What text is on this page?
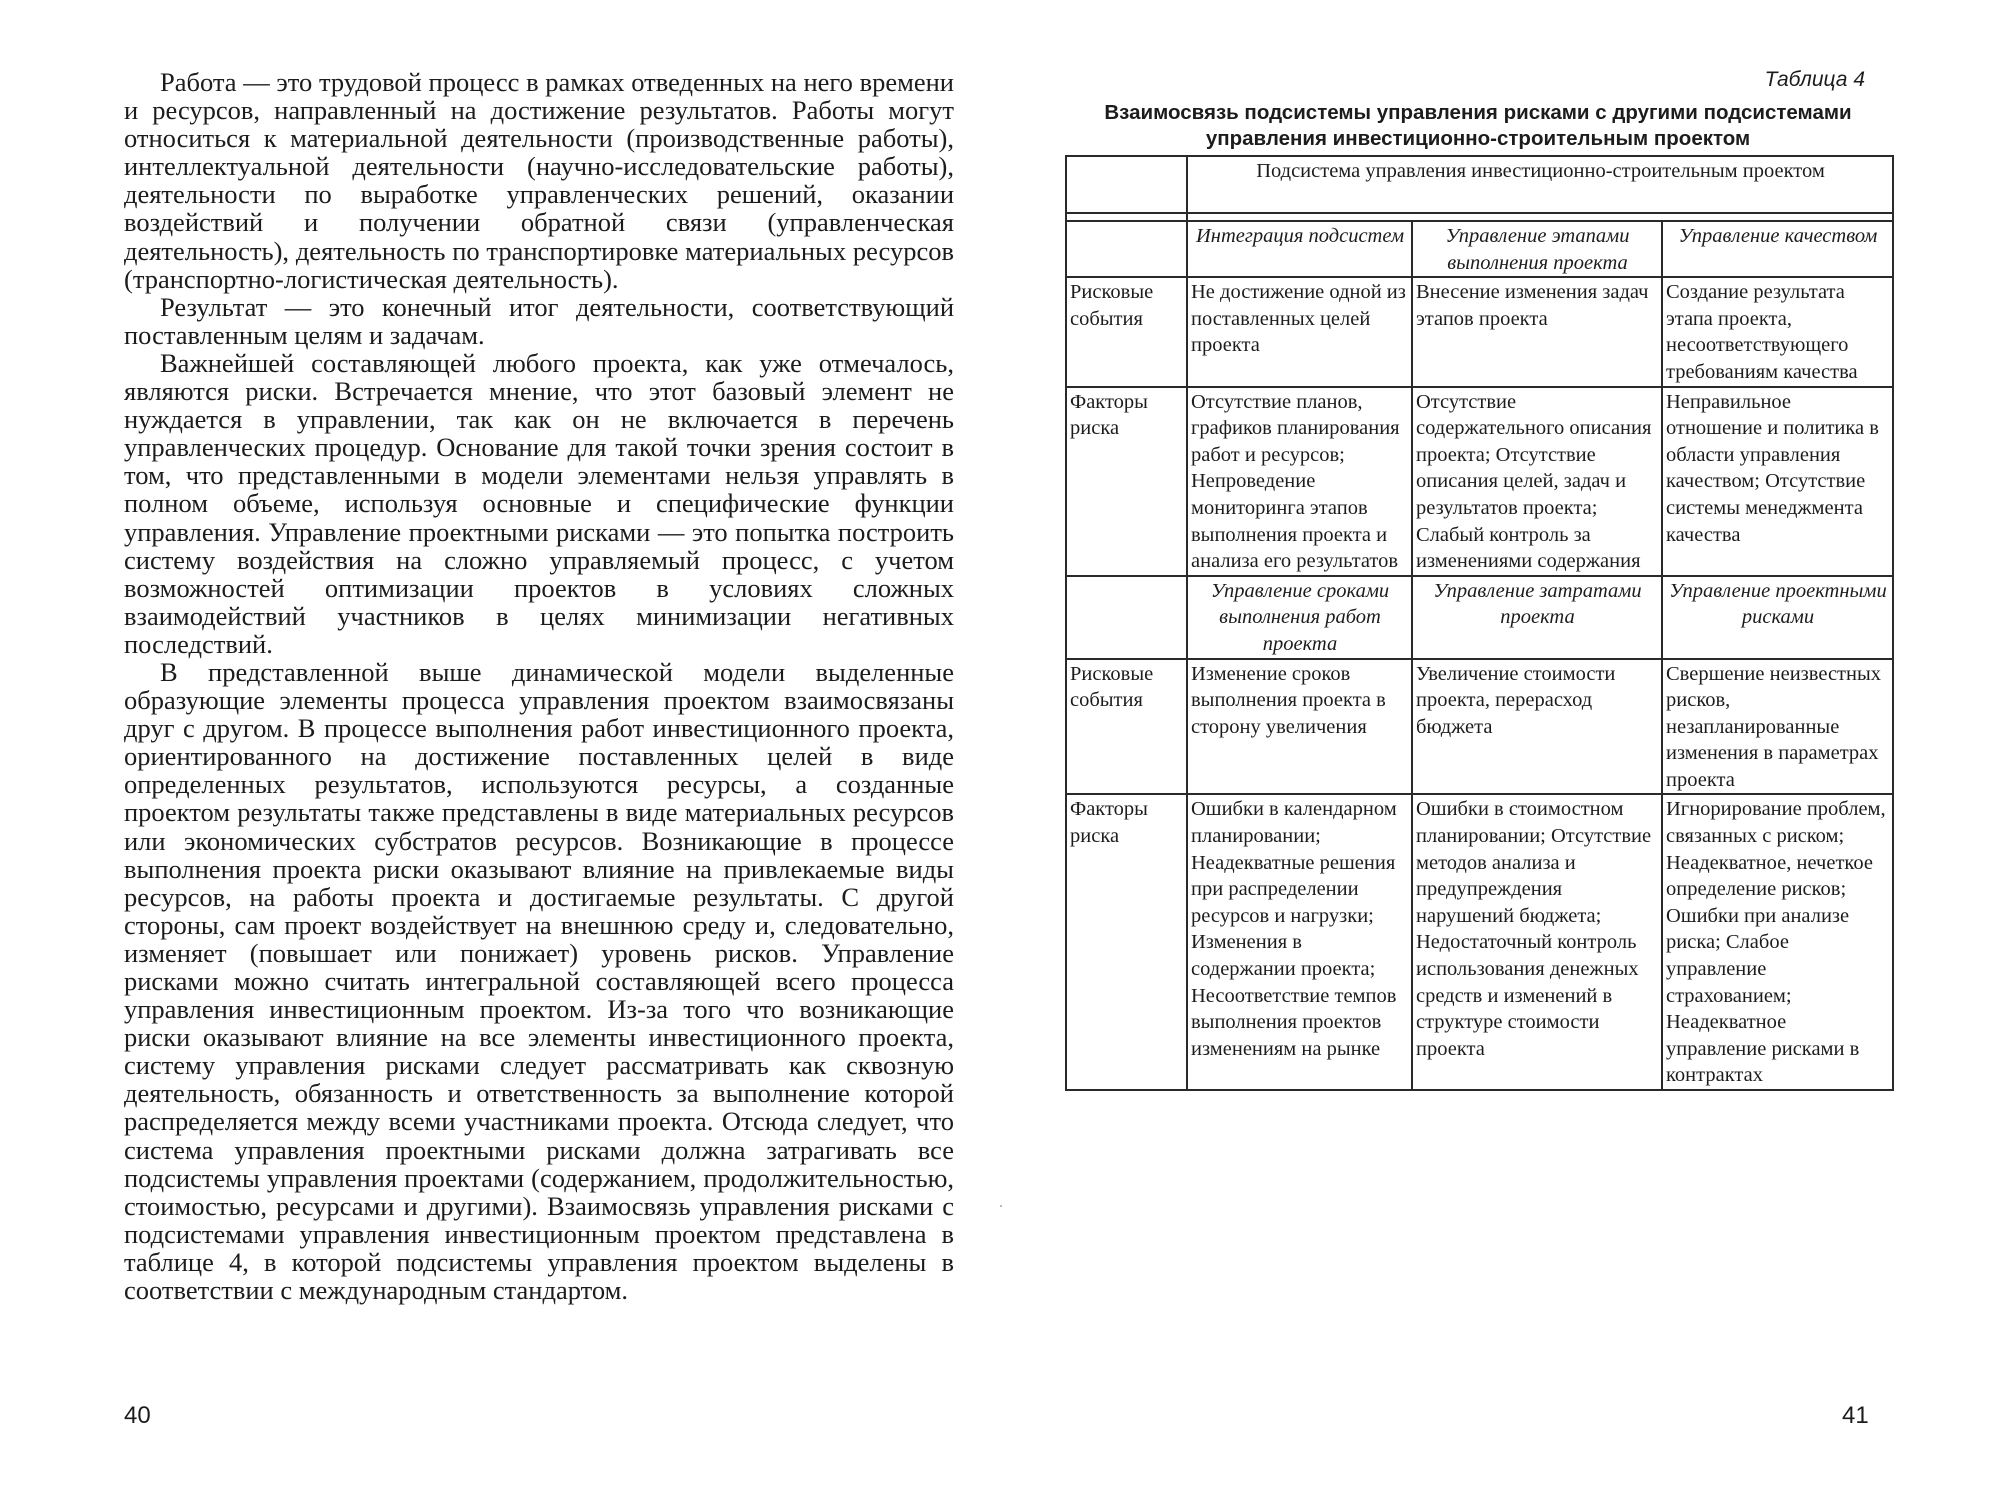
Работа — это трудовой процесс в рамках отведенных на него времени и ресурсов, направленный на достижение результатов. Работы могут относиться к материальной деятельности (производственные работы), интеллектуальной деятельности (научно-исследовательские работы), деятельности по выработке управленческих решений, оказании воздействий и получении обратной связи (управленческая деятельность), деятельность по транспортировке материальных ресурсов (транспортно-логистическая деятельность).

Результат — это конечный итог деятельности, соответствующий поставленным целям и задачам.

Важнейшей составляющей любого проекта, как уже отмечалось, являются риски. Встречается мнение, что этот базовый элемент не нуждается в управлении, так как он не включается в перечень управленческих процедур. Основание для такой точки зрения состоит в том, что представленными в модели элементами нельзя управлять в полном объеме, используя основные и специфические функции управления. Управление проектными рисками — это попытка построить систему воздействия на сложно управляемый процесс, с учетом возможностей оптимизации проектов в условиях сложных взаимодействий участников в целях минимизации негативных последствий.

В представленной выше динамической модели выделенные образующие элементы процесса управления проектом взаимосвязаны друг с другом. В процессе выполнения работ инвестиционного проекта, ориентированного на достижение поставленных целей в виде определенных результатов, используются ресурсы, а созданные проектом результаты также представлены в виде материальных ресурсов или экономических субстратов ресурсов. Возникающие в процессе выполнения проекта риски оказывают влияние на привлекаемые виды ресурсов, на работы проекта и достигаемые результаты. С другой стороны, сам проект воздействует на внешнюю среду и, следовательно, изменяет (повышает или понижает) уровень рисков. Управление рисками можно считать интегральной составляющей всего процесса управления инвестиционным проектом. Из-за того что возникающие риски оказывают влияние на все элементы инвестиционного проекта, систему управления рисками следует рассматривать как сквозную деятельность, обязанность и ответственность за выполнение которой распределяется между всеми участниками проекта. Отсюда следует, что система управления проектными рисками должна затрагивать все подсистемы управления проектами (содержанием, продолжительностью, стоимостью, ресурсами и другими). Взаимосвязь управления рисками с подсистемами управления инвестиционным проектом представлена в таблице 4, в которой подсистемы управления проектом выделены в соответствии с международным стандартом.

40
Таблица 4
Взаимосвязь подсистемы управления рисками с другими подсистемами управления инвестиционно-строительным проектом
	Подсистема управления инвестиционно-строительным проектом		

	Интеграция подсистем	Управление этапами выполнения проекта	Управление качеством
Рисковые события	Не достижение одной из поставленных целей проекта	Внесение изменения задач этапов проекта	Создание результата этапа проекта, несоответствующего требованиям качества
Факторы риска	Отсутствие планов, графиков планирования работ и ресурсов; Непроведение мониторинга этапов выполнения проекта и анализа его результатов	Отсутствие содержательного описания проекта; Отсутствие описания целей, задач и результатов проекта; Слабый контроль за изменениями содержания	Неправильное отношение и политика в области управления качеством; Отсутствие системы менеджмента качества
	Управление сроками выполнения работ проекта	Управление затратами проекта	Управление проектными рисками
Рисковые события	Изменение сроков выполнения проекта в сторону увеличения	Увеличение стоимости проекта, перерасход бюджета	Свершение неизвестных рисков, незапланированные изменения в параметрах проекта
Факторы риска	Ошибки в календарном планировании; Неадекватные решения при распределении ресурсов и нагрузки; Изменения в содержании проекта; Несоответствие темпов выполнения проектов изменениям на рынке	Ошибки в стоимостном планировании; Отсутствие методов анализа и предупреждения нарушений бюджета; Недостаточный контроль использования денежных средств и изменений в структуре стоимости проекта	Игнорирование проблем, связанных с риском; Неадекватное, нечеткое определение рисков; Ошибки при анализе риска; Слабое управление страхованием; Неадекватное управление рисками в контрактах
41
